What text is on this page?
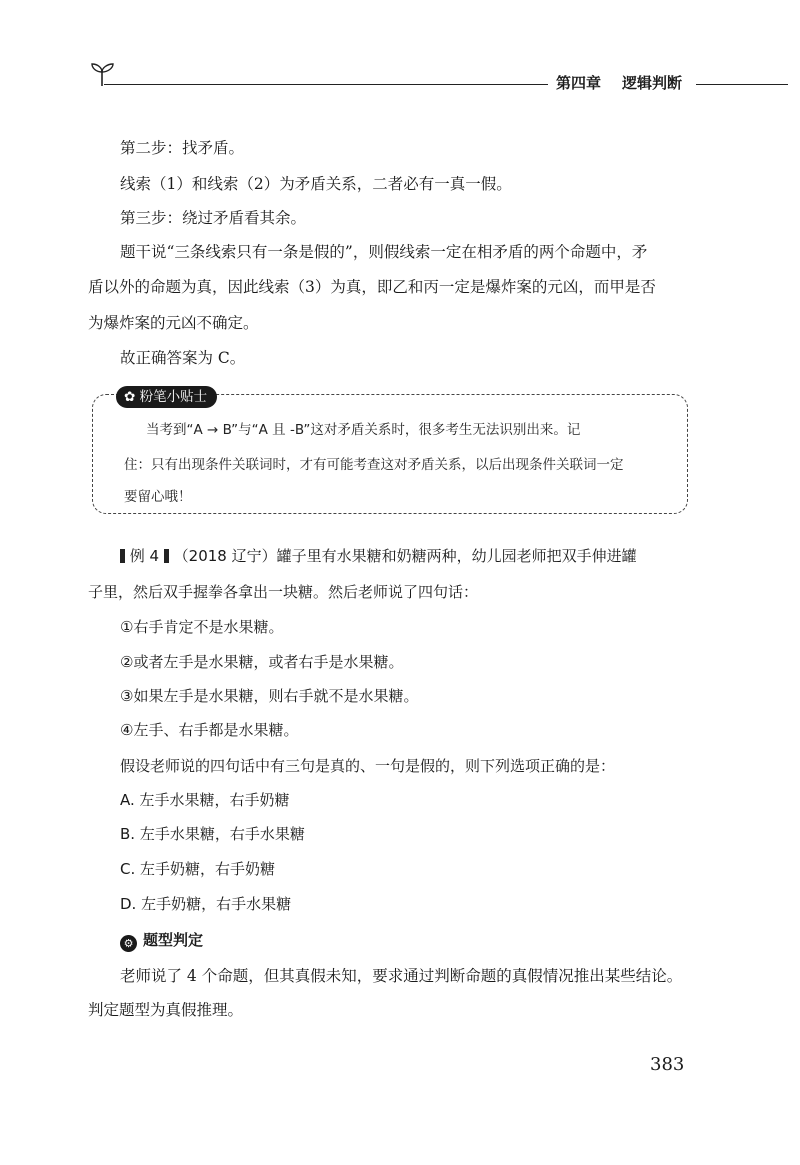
第四章 逻辑判断
第二步：找矛盾。
线索（1）和线索（2）为矛盾关系，二者必有一真一假。
第三步：绕过矛盾看其余。
题干说“三条线索只有一条是假的”，则假线索一定在相矛盾的两个命题中，矛
盾以外的命题为真，因此线索（3）为真，即乙和丙一定是爆炸案的元凶，而甲是否
为爆炸案的元凶不确定。
故正确答案为 C。
✿ 粉笔小贴士
当考到“A → B”与“A 且 -B”这对矛盾关系时，很多考生无法识别出来。记
住：只有出现条件关联词时，才有可能考查这对矛盾关系，以后出现条件关联词一定
要留心哦！
例 4 （2018 辽宁）罐子里有水果糖和奶糖两种，幼儿园老师把双手伸进罐
子里，然后双手握拳各拿出一块糖。然后老师说了四句话：
①右手肯定不是水果糖。
②或者左手是水果糖，或者右手是水果糖。
③如果左手是水果糖，则右手就不是水果糖。
④左手、右手都是水果糖。
假设老师说的四句话中有三句是真的、一句是假的，则下列选项正确的是：
A. 左手水果糖，右手奶糖
B. 左手水果糖，右手水果糖
C. 左手奶糖，右手奶糖
D. 左手奶糖，右手水果糖
⚙ 题型判定
老师说了 4 个命题，但其真假未知，要求通过判断命题的真假情况推出某些结论。
判定题型为真假推理。
383
